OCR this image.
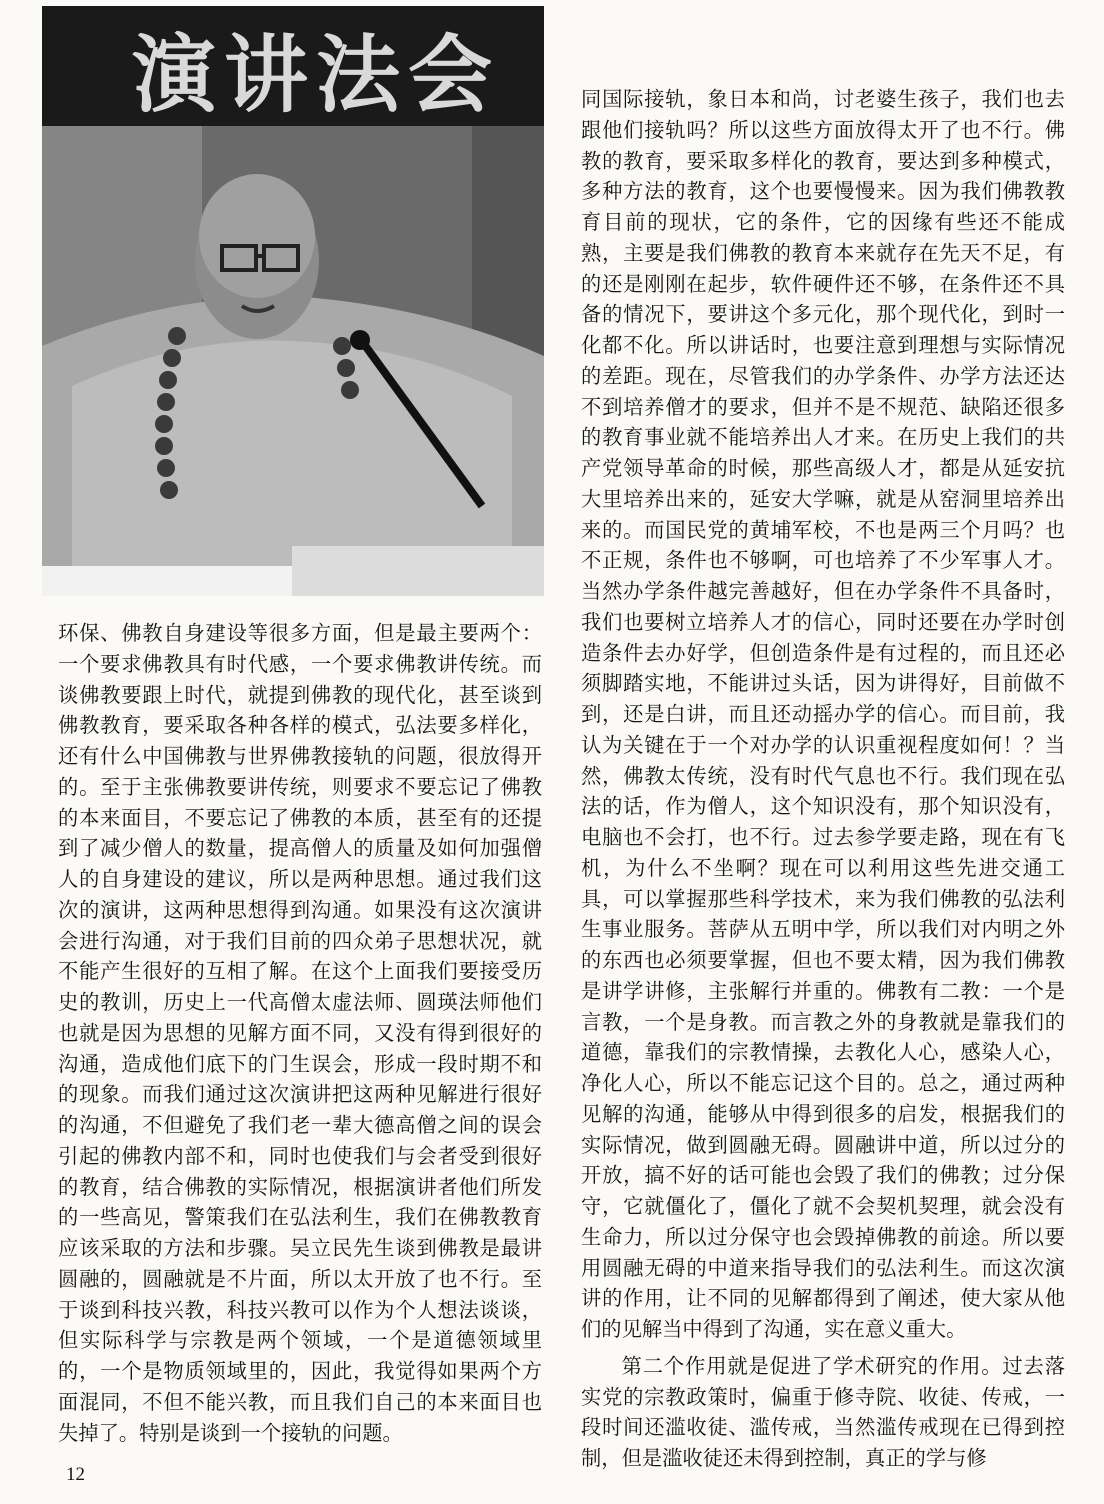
演讲法会

环保、佛教自身建设等很多方面，但是最主要两个：一个要求佛教具有时代感，一个要求佛教讲传统。而谈佛教要跟上时代，就提到佛教的现代化，甚至谈到佛教教育，要采取各种各样的模式，弘法要多样化，还有什么中国佛教与世界佛教接轨的问题，很放得开的。至于主张佛教要讲传统，则要求不要忘记了佛教的本来面目，不要忘记了佛教的本质，甚至有的还提到了减少僧人的数量，提高僧人的质量及如何加强僧人的自身建设的建议，所以是两种思想。通过我们这次的演讲，这两种思想得到沟通。如果没有这次演讲会进行沟通，对于我们目前的四众弟子思想状况，就不能产生很好的互相了解。在这个上面我们要接受历史的教训，历史上一代高僧太虚法师、圆瑛法师他们也就是因为思想的见解方面不同，又没有得到很好的沟通，造成他们底下的门生误会，形成一段时期不和的现象。而我们通过这次演讲把这两种见解进行很好的沟通，不但避免了我们老一辈大德高僧之间的误会引起的佛教内部不和，同时也使我们与会者受到很好的教育，结合佛教的实际情况，根据演讲者他们所发的一些高见，警策我们在弘法利生，我们在佛教教育应该采取的方法和步骤。吴立民先生谈到佛教是最讲圆融的，圆融就是不片面，所以太开放了也不行。至于谈到科技兴教，科技兴教可以作为个人想法谈谈，但实际科学与宗教是两个领域，一个是道德领域里的，一个是物质领域里的，因此，我觉得如果两个方面混同，不但不能兴教，而且我们自己的本来面目也失掉了。特别是谈到一个接轨的问题。

同国际接轨，象日本和尚，讨老婆生孩子，我们也去跟他们接轨吗？所以这些方面放得太开了也不行。佛教的教育，要采取多样化的教育，要达到多种模式，多种方法的教育，这个也要慢慢来。因为我们佛教教育目前的现状，它的条件，它的因缘有些还不能成熟，主要是我们佛教的教育本来就存在先天不足，有的还是刚刚在起步，软件硬件还不够，在条件还不具备的情况下，要讲这个多元化，那个现代化，到时一化都不化。所以讲话时，也要注意到理想与实际情况的差距。现在，尽管我们的办学条件、办学方法还达不到培养僧才的要求，但并不是不规范、缺陷还很多的教育事业就不能培养出人才来。在历史上我们的共产党领导革命的时候，那些高级人才，都是从延安抗大里培养出来的，延安大学嘛，就是从窑洞里培养出来的。而国民党的黄埔军校，不也是两三个月吗？也不正规，条件也不够啊，可也培养了不少军事人才。当然办学条件越完善越好，但在办学条件不具备时，我们也要树立培养人才的信心，同时还要在办学时创造条件去办好学，但创造条件是有过程的，而且还必须脚踏实地，不能讲过头话，因为讲得好，目前做不到，还是白讲，而且还动摇办学的信心。而目前，我认为关键在于一个对办学的认识重视程度如何！？当然，佛教太传统，没有时代气息也不行。我们现在弘法的话，作为僧人，这个知识没有，那个知识没有，电脑也不会打，也不行。过去参学要走路，现在有飞机，为什么不坐啊？现在可以利用这些先进交通工具，可以掌握那些科学技术，来为我们佛教的弘法利生事业服务。菩萨从五明中学，所以我们对内明之外的东西也必须要掌握，但也不要太精，因为我们佛教是讲学讲修，主张解行并重的。佛教有二教：一个是言教，一个是身教。而言教之外的身教就是靠我们的道德，靠我们的宗教情操，去教化人心，感染人心，净化人心，所以不能忘记这个目的。总之，通过两种见解的沟通，能够从中得到很多的启发，根据我们的实际情况，做到圆融无碍。圆融讲中道，所以过分的开放，搞不好的话可能也会毁了我们的佛教；过分保守，它就僵化了，僵化了就不会契机契理，就会没有生命力，所以过分保守也会毁掉佛教的前途。所以要用圆融无碍的中道来指导我们的弘法利生。而这次演讲的作用，让不同的见解都得到了阐述，使大家从他们的见解当中得到了沟通，实在意义重大。

第二个作用就是促进了学术研究的作用。过去落实党的宗教政策时，偏重于修寺院、收徒、传戒，一段时间还滥收徒、滥传戒，当然滥传戒现在已得到控制，但是滥收徒还未得到控制，真正的学与修

12
